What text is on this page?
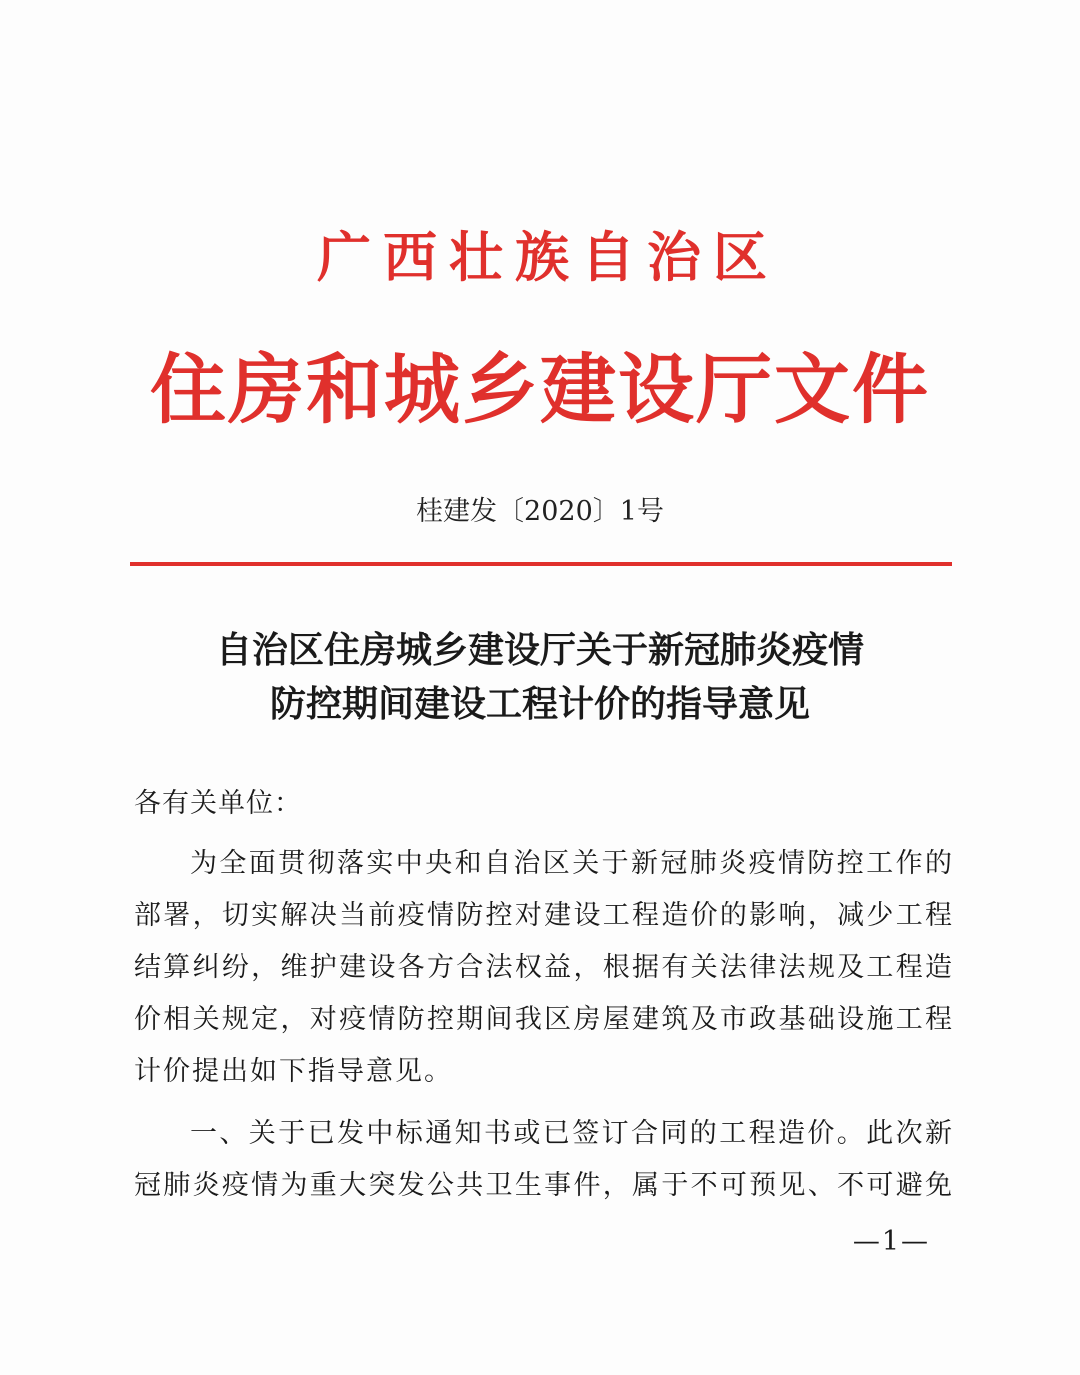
广西壮族自治区
住房和城乡建设厅文件
桂建发〔2020〕1号
自治区住房城乡建设厅关于新冠肺炎疫情
防控期间建设工程计价的指导意见
各有关单位：
为全面贯彻落实中央和自治区关于新冠肺炎疫情防控工作的
部署，切实解决当前疫情防控对建设工程造价的影响，减少工程
结算纠纷，维护建设各方合法权益，根据有关法律法规及工程造
价相关规定，对疫情防控期间我区房屋建筑及市政基础设施工程
计价提出如下指导意见。
一、关于已发中标通知书或已签订合同的工程造价。此次新
冠肺炎疫情为重大突发公共卫生事件，属于不可预见、不可避免
—1—
